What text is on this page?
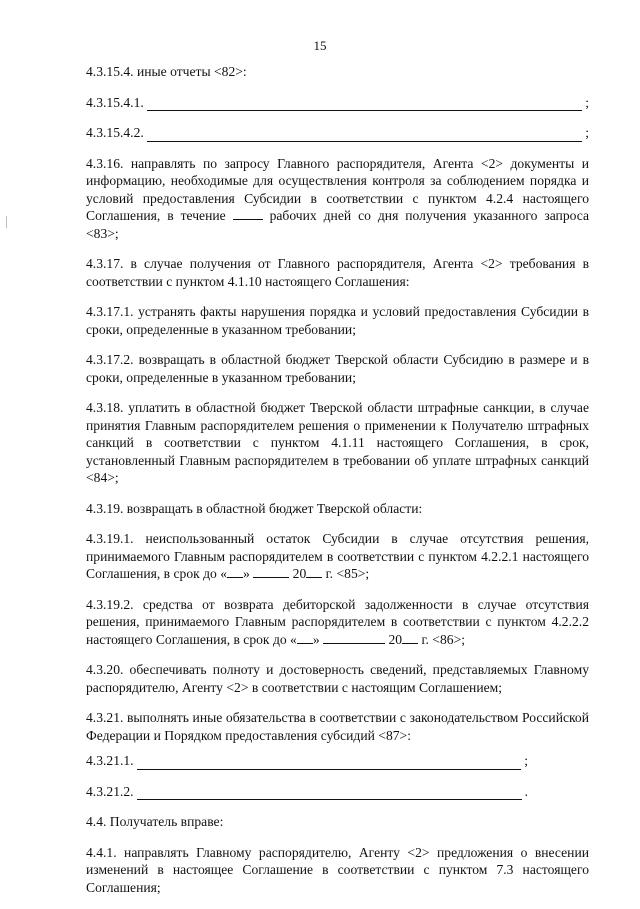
15

4.3.15.4. иные отчеты <82>:

4.3.15.4.1.	;
4.3.15.4.2.	;

4.3.16. направлять по запросу Главного распорядителя, Агента <2> документы и информацию, необходимые для осуществления контроля за соблюдением порядка и условий предоставления Субсидии в соответствии с пунктом 4.2.4 настоящего Соглашения, в течение	рабочих дней со дня получения указанного запроса <83>;

4.3.17. в случае получения от Главного распорядителя, Агента <2> требования в соответствии с пунктом 4.1.10 настоящего Соглашения:

4.3.17.1. устранять факты нарушения порядка и условий предоставления Субсидии в сроки, определенные в указанном требовании;

4.3.17.2. возвращать в областной бюджет Тверской области Субсидию в размере и в сроки, определенные в указанном требовании;

4.3.18. уплатить в областной бюджет Тверской области штрафные санкции, в случае принятия Главным распорядителем решения о применении к Получателю штрафных санкций в соответствии с пунктом 4.1.11 настоящего Соглашения, в срок, установленный Главным распорядителем в требовании об уплате штрафных санкций <84>;

4.3.19. возвращать в областной бюджет Тверской области:

4.3.19.1. неиспользованный остаток Субсидии в случае отсутствия решения, принимаемого Главным распорядителем в соответствии с пунктом 4.2.2.1 настоящего Соглашения, в срок до « »	20 г. <85>;

4.3.19.2. средства от возврата дебиторской задолженности в случае отсутствия решения, принимаемого Главным распорядителем в соответствии с пунктом 4.2.2.2 настоящего Соглашения, в срок до « »	20 г. <86>;

4.3.20. обеспечивать полноту и достоверность сведений, представляемых Главному распорядителю, Агенту <2> в соответствии с настоящим Соглашением;

4.3.21. выполнять иные обязательства в соответствии с законодательством Российской Федерации и Порядком предоставления субсидий <87>:

4.3.21.1.	;
4.3.21.2.	.

4.4. Получатель вправе:

4.4.1. направлять Главному распорядителю, Агенту <2> предложения о внесении изменений в настоящее Соглашение в соответствии с пунктом 7.3 настоящего Соглашения;
